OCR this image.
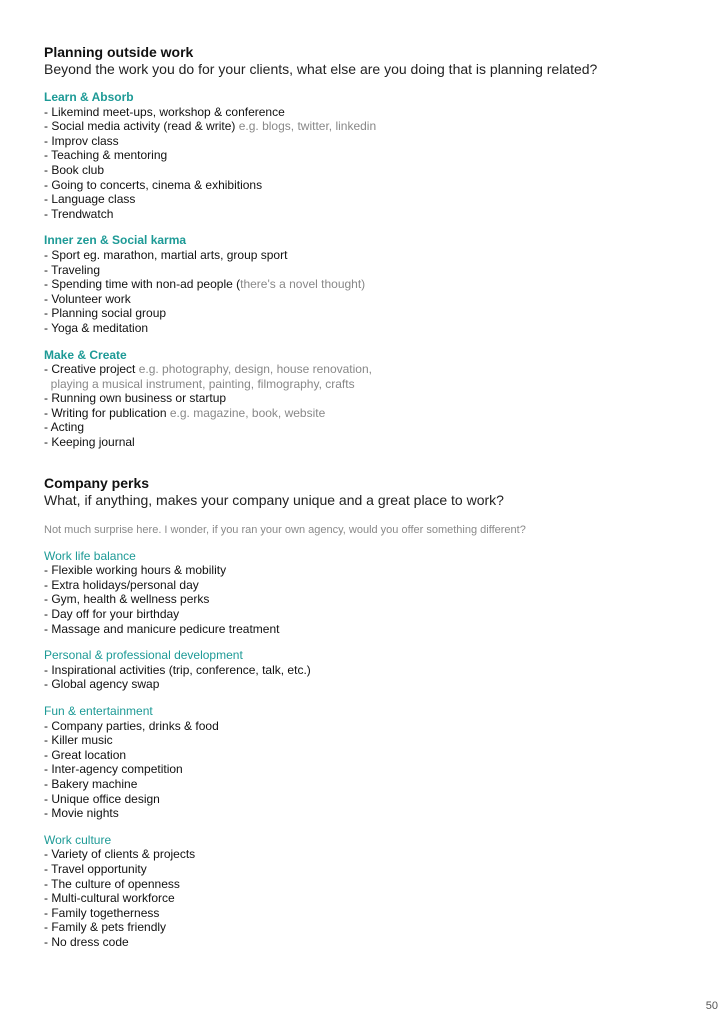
Planning outside work

Beyond the work you do for your clients, what else are you doing that is planning related?

Learn & Absorb
- Likemind meet-ups, workshop & conference
- Social media activity (read & write) e.g. blogs, twitter, linkedin
- Improv class
- Teaching & mentoring
- Book club
- Going to concerts, cinema & exhibitions
- Language class
- Trendwatch
Inner zen & Social karma
- Sport eg. marathon, martial arts, group sport
- Traveling
- Spending time with non-ad people (there's a novel thought)
- Volunteer work
- Planning social group
- Yoga & meditation
Make & Create
- Creative project e.g. photography, design, house renovation,
playing a musical instrument, painting, filmography, crafts
- Running own business or startup
- Writing for publication e.g. magazine, book, website
- Acting
- Keeping journal

Company perks

What, if anything, makes your company unique and a great place to work?

Not much surprise here. I wonder, if you ran your own agency, would you offer something different?
Work life balance
- Flexible working hours & mobility
- Extra holidays/personal day
- Gym, health & wellness perks
- Day off for your birthday
- Massage and manicure pedicure treatment
Personal & professional development
- Inspirational activities (trip, conference, talk, etc.)
- Global agency swap
Fun & entertainment
- Company parties, drinks & food
- Killer music
- Great location
- Inter-agency competition
- Bakery machine
- Unique office design
- Movie nights
Work culture
- Variety of clients & projects
- Travel opportunity
- The culture of openness
- Multi-cultural workforce
- Family togetherness
- Family & pets friendly
- No dress code
50
